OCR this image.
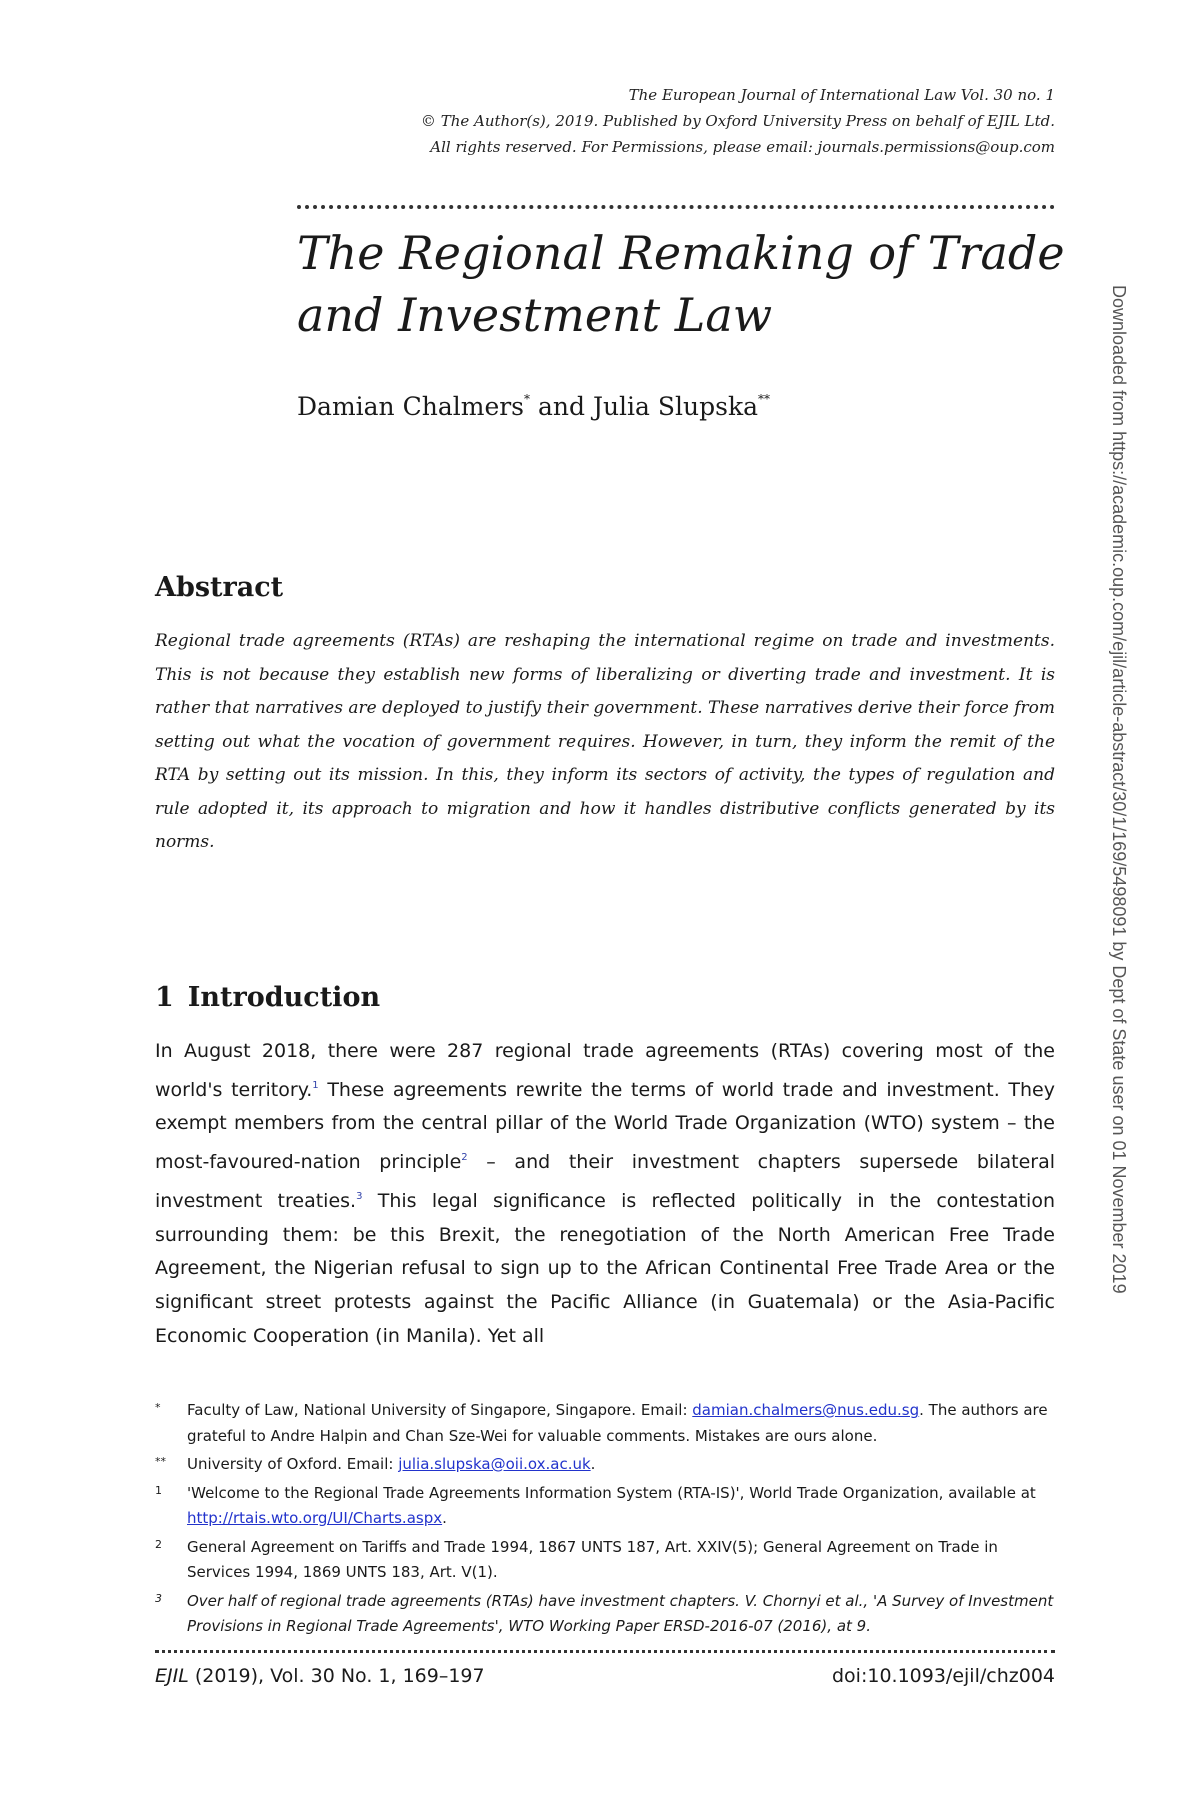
The European Journal of International Law Vol. 30 no. 1
© The Author(s), 2019. Published by Oxford University Press on behalf of EJIL Ltd.
All rights reserved. For Permissions, please email: journals.permissions@oup.com
The Regional Remaking of Trade
and Investment Law
Damian Chalmers* and Julia Slupska**	Downloaded from https://academic.oup.com/ejil/article-abstract/30/1/169/5498091 by Dept of State user on 01 November 2019
Abstract
Regional trade agreements (RTAs) are reshaping the international regime on trade and investments. This is not because they establish new forms of liberalizing or diverting trade and investment. It is rather that narratives are deployed to justify their government. These narratives derive their force from setting out what the vocation of government requires. However, in turn, they inform the remit of the RTA by setting out its mission. In this, they inform its sectors of activity, the types of regulation and rule adopted it, its approach to migration and how it handles distributive conflicts generated by its norms.
1 Introduction
In August 2018, there were 287 regional trade agreements (RTAs) covering most of the world's territory.$^1$ These agreements rewrite the terms of world trade and investment. They exempt members from the central pillar of the World Trade Organization (WTO) system – the most-favoured-nation principle$^2$ – and their investment chapters supersede bilateral investment treaties.$^3$ This legal significance is reflected politically in the contestation surrounding them: be this Brexit, the renegotiation of the North American Free Trade Agreement, the Nigerian refusal to sign up to the African Continental Free Trade Area or the significant street protests against the Pacific Alliance (in Guatemala) or the Asia-Pacific Economic Cooperation (in Manila). Yet all
* Faculty of Law, National University of Singapore, Singapore. Email: damian.chalmers@nus.edu.sg. The authors are grateful to Andre Halpin and Chan Sze-Wei for valuable comments. Mistakes are ours alone.
** University of Oxford. Email: julia.slupska@oii.ox.ac.uk.
1 'Welcome to the Regional Trade Agreements Information System (RTA-IS)', World Trade Organization, available at http://rtais.wto.org/UI/Charts.aspx.
2 General Agreement on Tariffs and Trade 1994, 1867 UNTS 187, Art. XXIV(5); General Agreement on Trade in Services 1994, 1869 UNTS 183, Art. V(1).
3 Over half of regional trade agreements (RTAs) have investment chapters. V. Chornyi et al., 'A Survey of Investment Provisions in Regional Trade Agreements', WTO Working Paper ERSD-2016-07 (2016), at 9.
EJIL (2019), Vol. 30 No. 1, 169–197	doi:10.1093/ejil/chz004
